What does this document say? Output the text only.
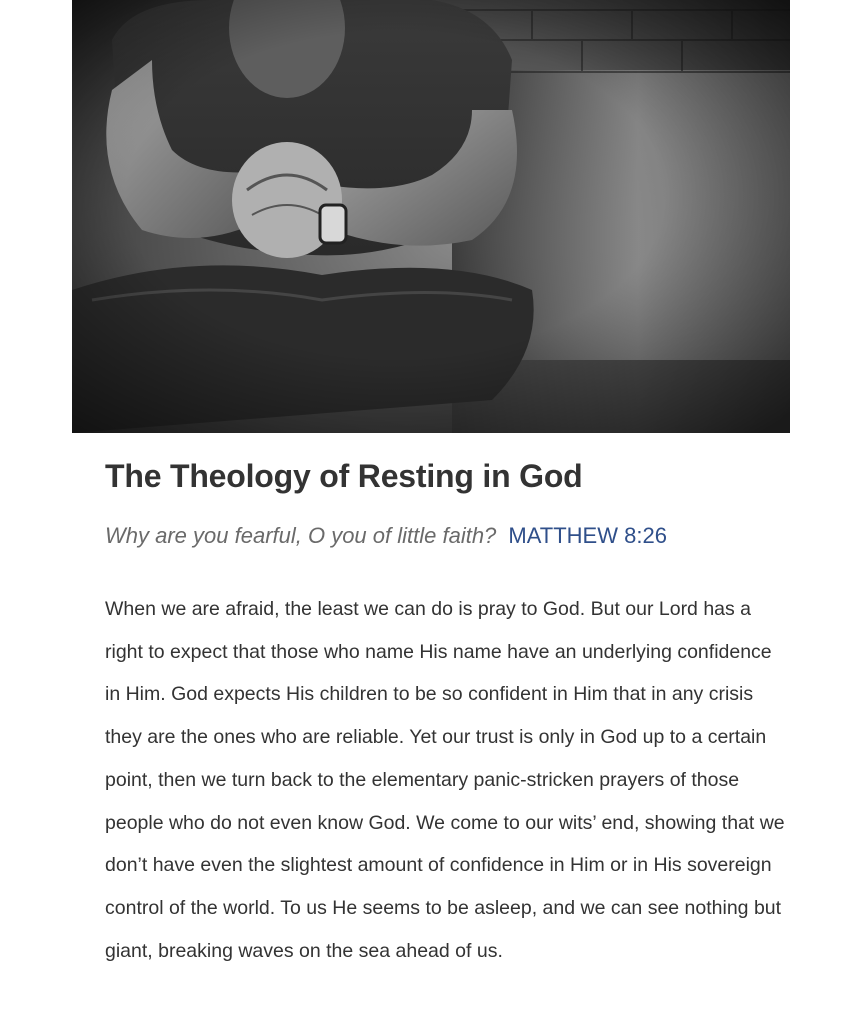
The Theology of Resting in God
Why are you fearful, O you of little faith? MATTHEW 8:26

When we are afraid, the least we can do is pray to God. But our Lord has a right to expect that those who name His name have an underlying confidence in Him. God expects His children to be so confident in Him that in any crisis they are the ones who are reliable. Yet our trust is only in God up to a certain point, then we turn back to the elementary panic-stricken prayers of those people who do not even know God. We come to our wits’ end, showing that we don’t have even the slightest amount of confidence in Him or in His sovereign control of the world. To us He seems to be asleep, and we can see nothing but giant, breaking waves on the sea ahead of us.
